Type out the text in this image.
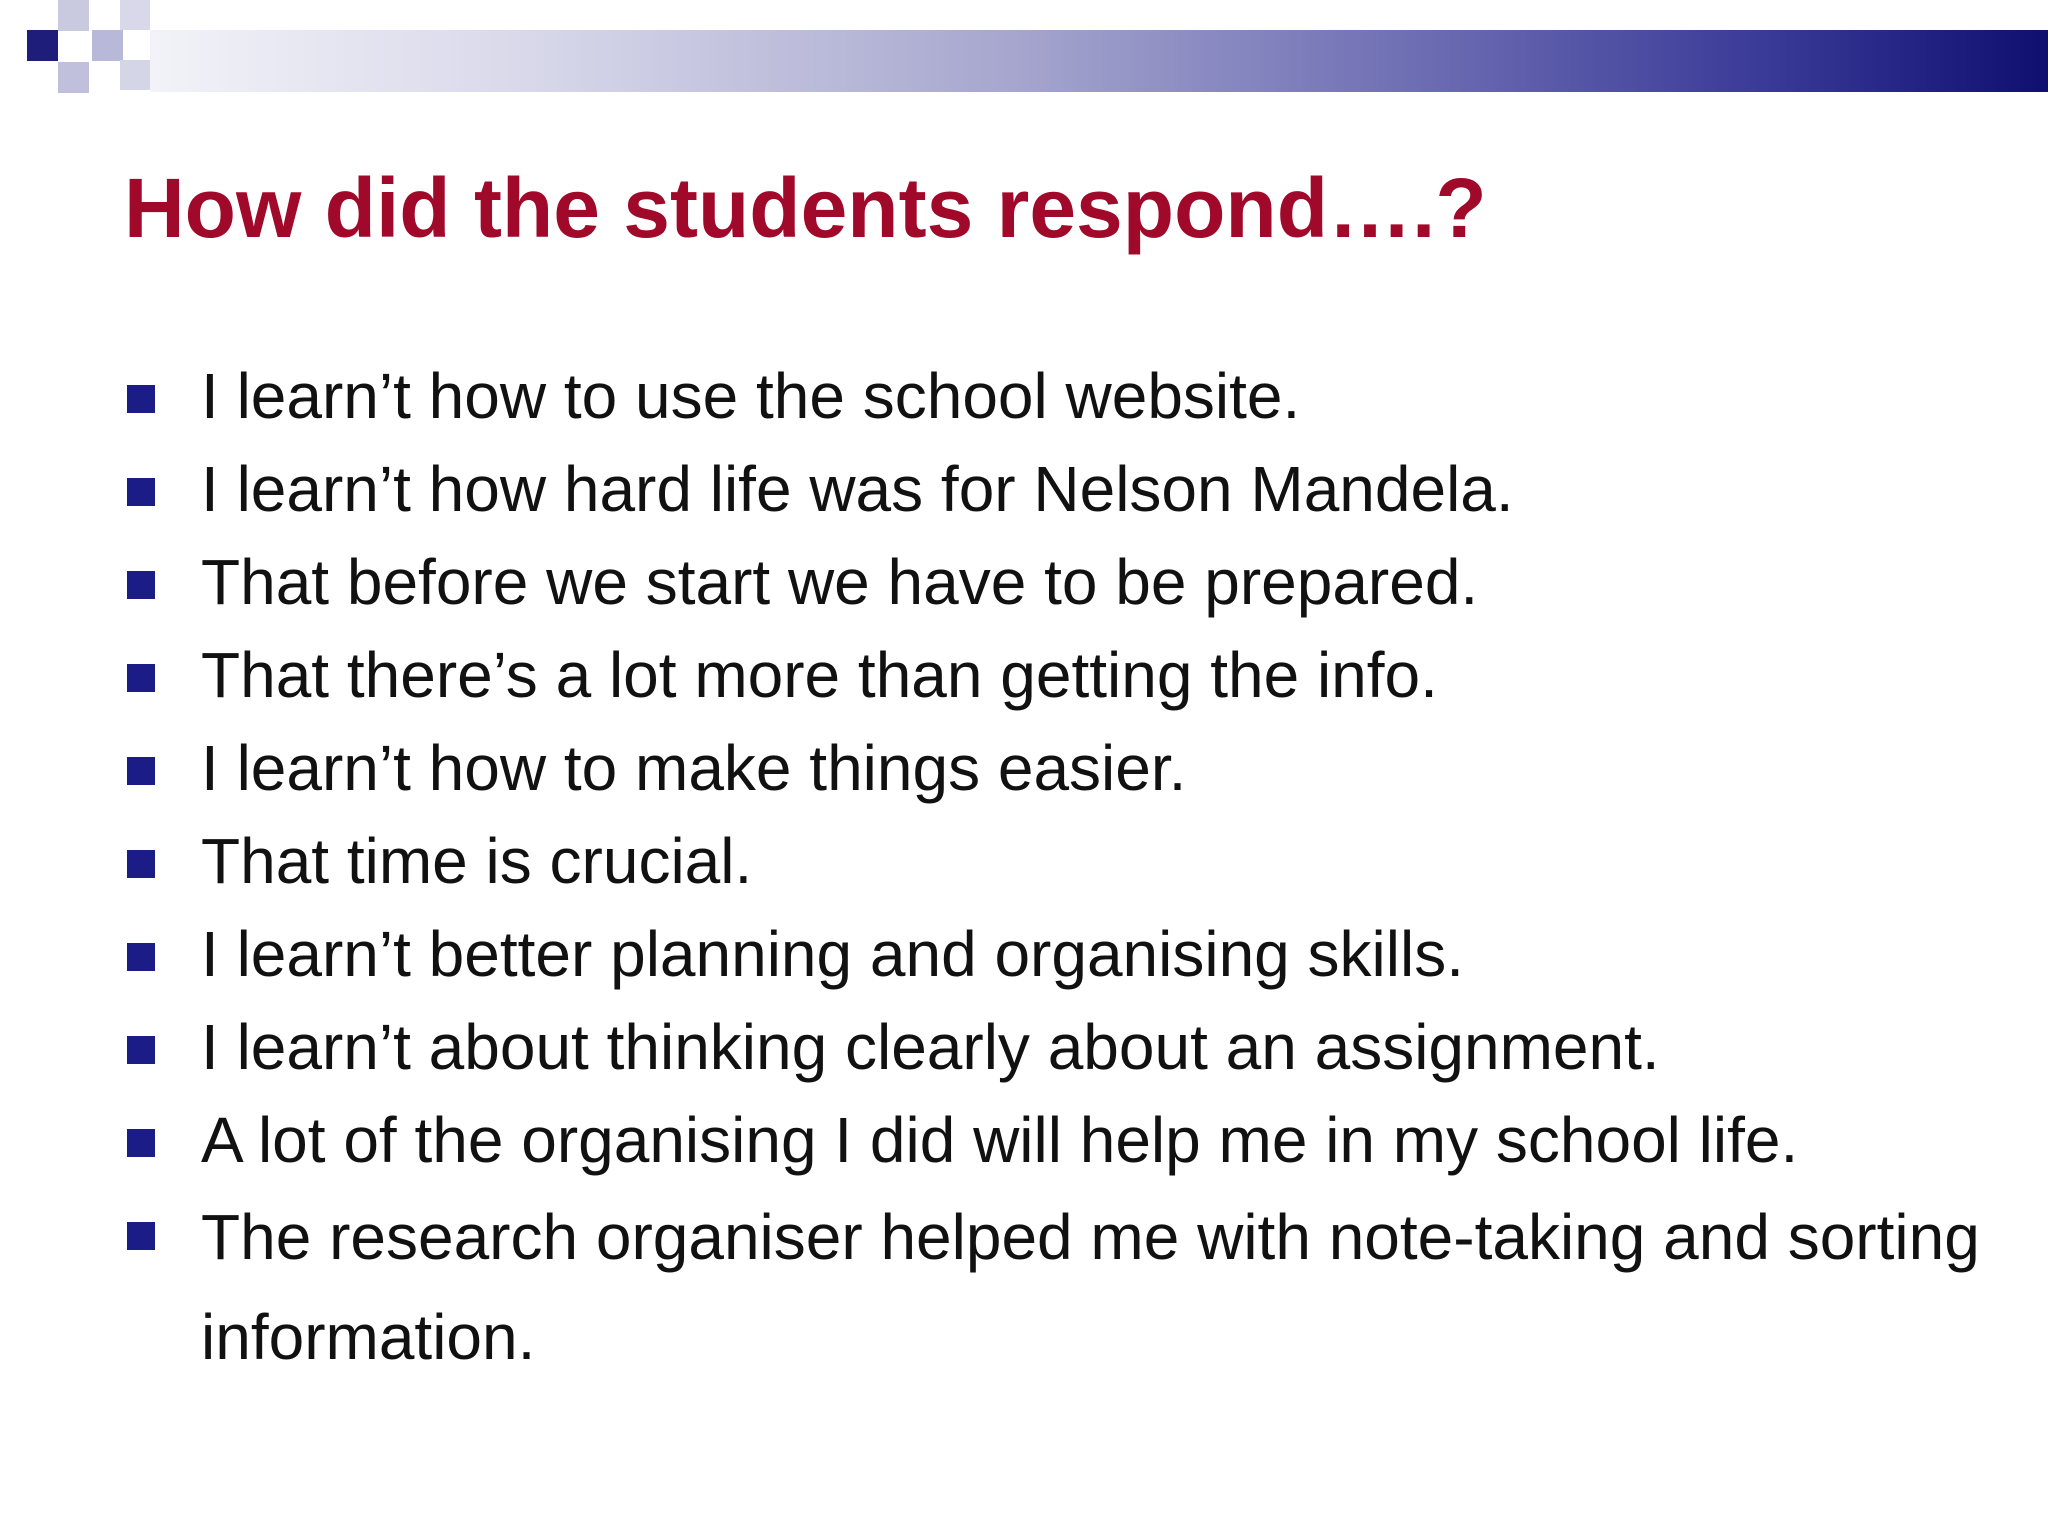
How did the students respond….?
I learn’t how to use the school website.
I learn’t how hard life was for Nelson Mandela.
That before we start we have to be prepared.
That there’s a lot more than getting the info.
I learn’t how to make things easier.
That time is crucial.
I learn’t better planning and organising skills.
I learn’t about thinking clearly about an assignment.
A lot of the organising I did will help me in my school life.
The research organiser helped me with note-taking and sorting information.
